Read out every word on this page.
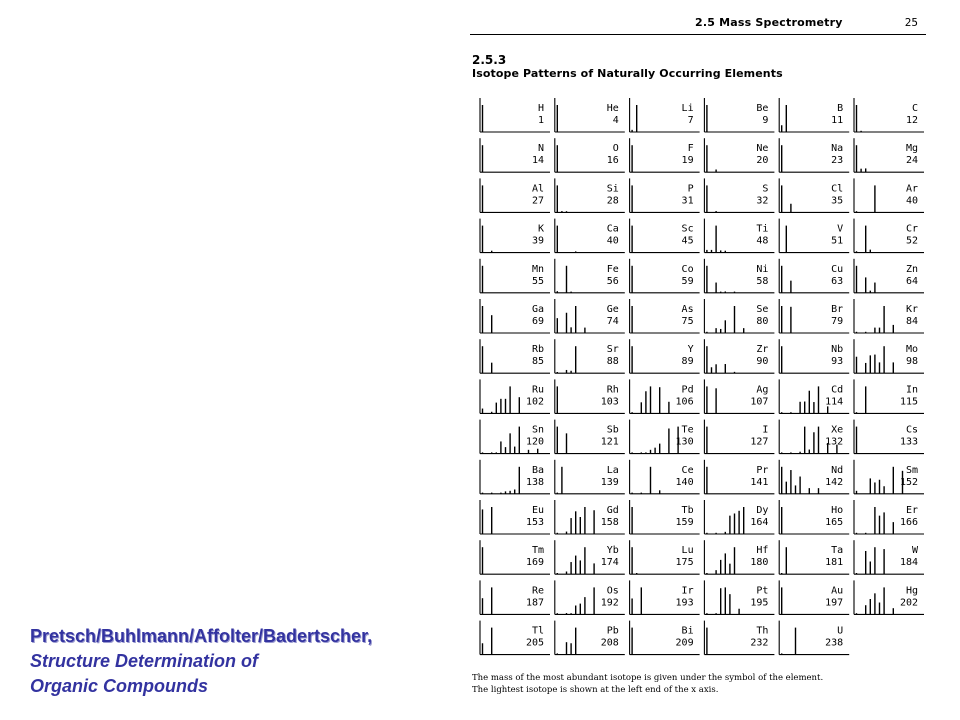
Pretsch/Buhlmann/Affolter/Badertscher,
Structure Determination of
Organic Compounds
2.5 Mass Spectrometry	25
2.5.3
Isotope Patterns of Naturally Occurring Elements
H
1
He
4
Li
7
Be
9
B
11
C
12
N
14
O
16
F
19
Ne
20
Na
23
Mg
24
Al
27
Si
28
P
31
S
32
Cl
35
Ar
40
K
39
Ca
40
Sc
45
Ti
48
V
51
Cr
52
Mn
55
Fe
56
Co
59
Ni
58
Cu
63
Zn
64
Ga
69
Ge
74
As
75
Se
80
Br
79
Kr
84
Rb
85
Sr
88
Y
89
Zr
90
Nb
93
Mo
98
Ru
102
Rh
103
Pd
106
Ag
107
Cd
114
In
115
Sn
120
Sb
121
Te
130
I
127
Xe
132
Cs
133
Ba
138
La
139
Ce
140
Pr
141
Nd
142
Sm
152
Eu
153
Gd
158
Tb
159
Dy
164
Ho
165
Er
166
Tm
169
Yb
174
Lu
175
Hf
180
Ta
181
W
184
Re
187
Os
192
Ir
193
Pt
195
Au
197
Hg
202
Tl
205
Pb
208
Bi
209
Th
232
U
238
The mass of the most abundant isotope is given under the symbol of the element.
The lightest isotope is shown at the left end of the x axis.
